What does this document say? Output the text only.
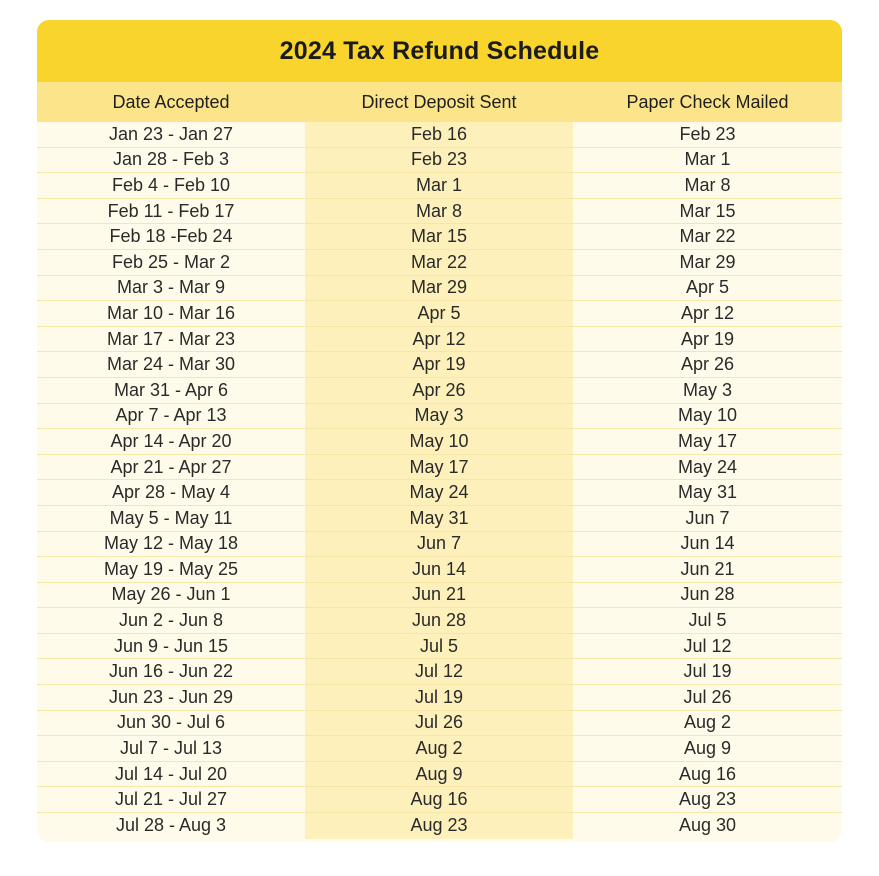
2024 Tax Refund Schedule
Date Accepted	Direct Deposit Sent	Paper Check Mailed
Jan 23 - Jan 27	Feb 16	Feb 23
Jan 28 - Feb 3	Feb 23	Mar 1
Feb 4 - Feb 10	Mar 1	Mar 8
Feb 11 - Feb 17	Mar 8	Mar 15
Feb 18 -Feb 24	Mar 15	Mar 22
Feb 25 - Mar 2	Mar 22	Mar 29
Mar 3 - Mar 9	Mar 29	Apr 5
Mar 10 - Mar 16	Apr 5	Apr 12
Mar 17 - Mar 23	Apr 12	Apr 19
Mar 24 - Mar 30	Apr 19	Apr 26
Mar 31 - Apr 6	Apr 26	May 3
Apr 7 - Apr 13	May 3	May 10
Apr 14 - Apr 20	May 10	May 17
Apr 21 - Apr 27	May 17	May 24
Apr 28 - May 4	May 24	May 31
May 5 - May 11	May 31	Jun 7
May 12 - May 18	Jun 7	Jun 14
May 19 - May 25	Jun 14	Jun 21
May 26 - Jun 1	Jun 21	Jun 28
Jun 2 - Jun 8	Jun 28	Jul 5
Jun 9 - Jun 15	Jul 5	Jul 12
Jun 16 - Jun 22	Jul 12	Jul 19
Jun 23 - Jun 29	Jul 19	Jul 26
Jun 30 - Jul 6	Jul 26	Aug 2
Jul 7 - Jul 13	Aug 2	Aug 9
Jul 14 - Jul 20	Aug 9	Aug 16
Jul 21 - Jul 27	Aug 16	Aug 23
Jul 28 - Aug 3	Aug 23	Aug 30
